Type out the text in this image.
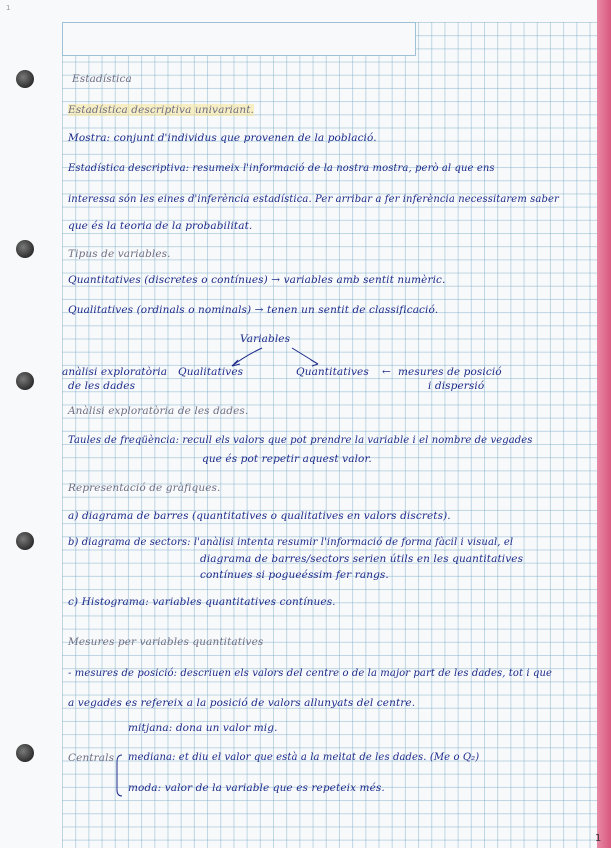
1
1
Estadística
Estadística descriptiva univariant.
Mostra: conjunt d'individus que provenen de la població.
Estadística descriptiva: resumeix l'informació de la nostra mostra, però al que ens
interessa són les eines d'inferència estadística. Per arribar a fer inferència necessitarem saber
que és la teoria de la probabilitat.
Tipus de variables.
Quantitatives (discretes o contínues) → variables amb sentit numèric.
Qualitatives (ordinals o nominals) → tenen un sentit de classificació.
Variables
anàlisi exploratòria
de les dades
Qualitatives	Quantitatives ← mesures de posició
i dispersió
Anàlisi exploratòria de les dades.
Taules de freqüència: recull els valors que pot prendre la variable i el nombre de vegades
que és pot repetir aquest valor.
Representació de gràfiques.
a) diagrama de barres (quantitatives o qualitatives en valors discrets).
b) diagrama de sectors: l'anàlisi intenta resumir l'informació de forma fàcil i visual, el
diagrama de barres/sectors serien útils en les quantitatives
contínues si pogueéssim fer rangs.
c) Histograma: variables quantitatives contínues.
Mesures per variables quantitatives
- mesures de posició: descriuen els valors del centre o de la major part de les dades, tot i que
a vegades es refereix a la posició de valors allunyats del centre.
Centrals
mitjana: dona un valor mig.
mediana: et diu el valor que està a la meitat de les dades. (Me o Q₂)
moda: valor de la variable que es repeteix més.
